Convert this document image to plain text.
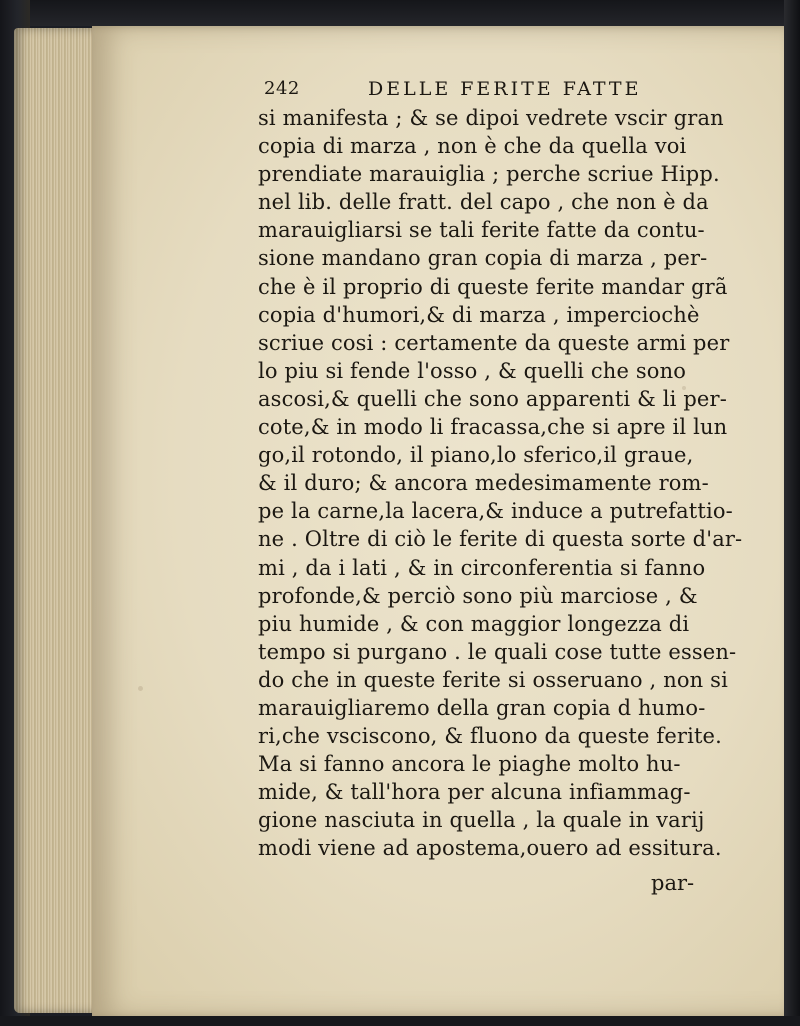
242	DELLE FERITE FATTE
si manifesta ; & se dipoi vedrete vscir gran
copia di marza , non è che da quella voi
prendiate marauiglia ; perche scriue Hipp.
nel lib. delle fratt. del capo , che non è da
marauigliarsi se tali ferite fatte da contu-
sione mandano gran copia di marza , per-
che è il proprio di queste ferite mandar grã
copia d'humori,& di marza , imperciochè
scriue cosi : certamente da queste armi per
lo piu si fende l'osso , & quelli che sono
ascosi,& quelli che sono apparenti & li per-
cote,& in modo li fracassa,che si apre il lun
go,il rotondo, il piano,lo sferico,il graue,
& il duro; & ancora medesimamente rom-
pe la carne,la lacera,& induce a putrefattio-
ne . Oltre di ciò le ferite di questa sorte d'ar-
mi , da i lati , & in circonferentia si fanno
profonde,& perciò sono più marciose , &
piu humide , & con maggior longezza di
tempo si purgano . le quali cose tutte essen-
do che in queste ferite si osseruano , non si
marauigliaremo della gran copia d humo-
ri,che vsciscono, & fluono da queste ferite.
Ma si fanno ancora le piaghe molto hu-
mide, & tall'hora per alcuna infiammag-
gione nasciuta in quella , la quale in varij
modi viene ad apostema,ouero ad essitura.
par-
